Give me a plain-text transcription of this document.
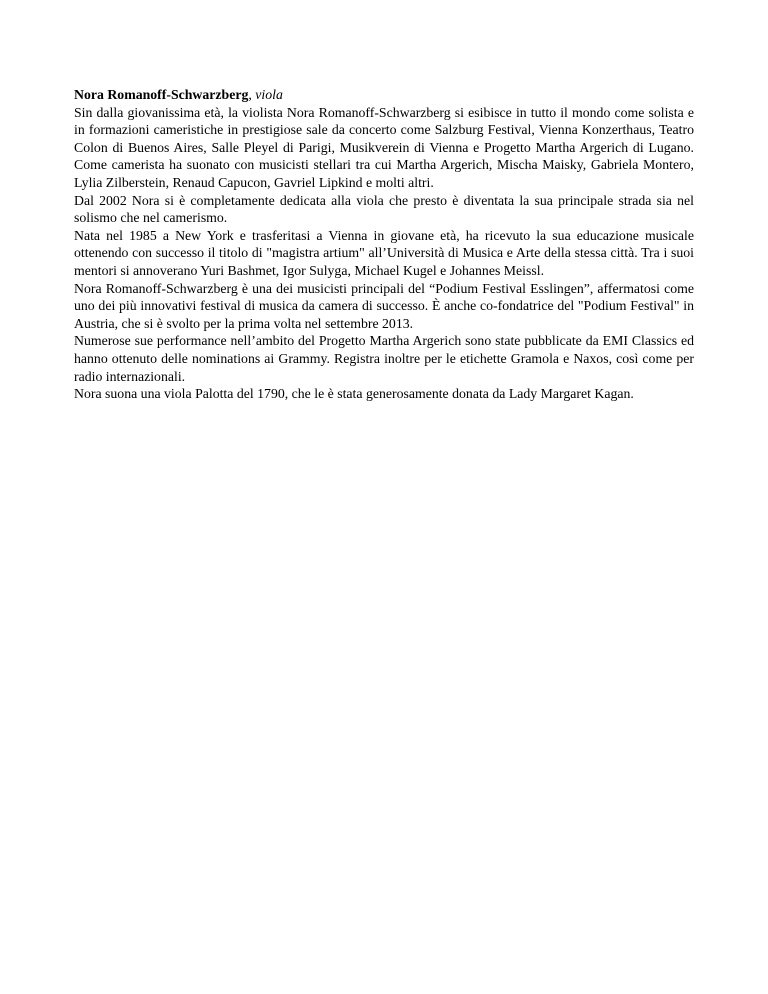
Nora Romanoff-Schwarzberg, viola

Sin dalla giovanissima età, la violista Nora Romanoff-Schwarzberg si esibisce in tutto il mondo come solista e in formazioni cameristiche in prestigiose sale da concerto come Salzburg Festival, Vienna Konzerthaus, Teatro Colon di Buenos Aires, Salle Pleyel di Parigi, Musikverein di Vienna e Progetto Martha Argerich di Lugano. Come camerista ha suonato con musicisti stellari tra cui Martha Argerich, Mischa Maisky, Gabriela Montero, Lylia Zilberstein, Renaud Capucon, Gavriel Lipkind e molti altri.

Dal 2002 Nora si è completamente dedicata alla viola che presto è diventata la sua principale strada sia nel solismo che nel camerismo.

Nata nel 1985 a New York e trasferitasi a Vienna in giovane età, ha ricevuto la sua educazione musicale ottenendo con successo il titolo di "magistra artium" all’Università di Musica e Arte della stessa città. Tra i suoi mentori si annoverano Yuri Bashmet, Igor Sulyga, Michael Kugel e Johannes Meissl.

Nora Romanoff-Schwarzberg è una dei musicisti principali del “Podium Festival Esslingen”, affermatosi come uno dei più innovativi festival di musica da camera di successo. È anche co-fondatrice del "Podium Festival" in Austria, che si è svolto per la prima volta nel settembre 2013.

Numerose sue performance nell’ambito del Progetto Martha Argerich sono state pubblicate da EMI Classics ed hanno ottenuto delle nominations ai Grammy. Registra inoltre per le etichette Gramola e Naxos, così come per radio internazionali.

Nora suona una viola Palotta del 1790, che le è stata generosamente donata da Lady Margaret Kagan.
